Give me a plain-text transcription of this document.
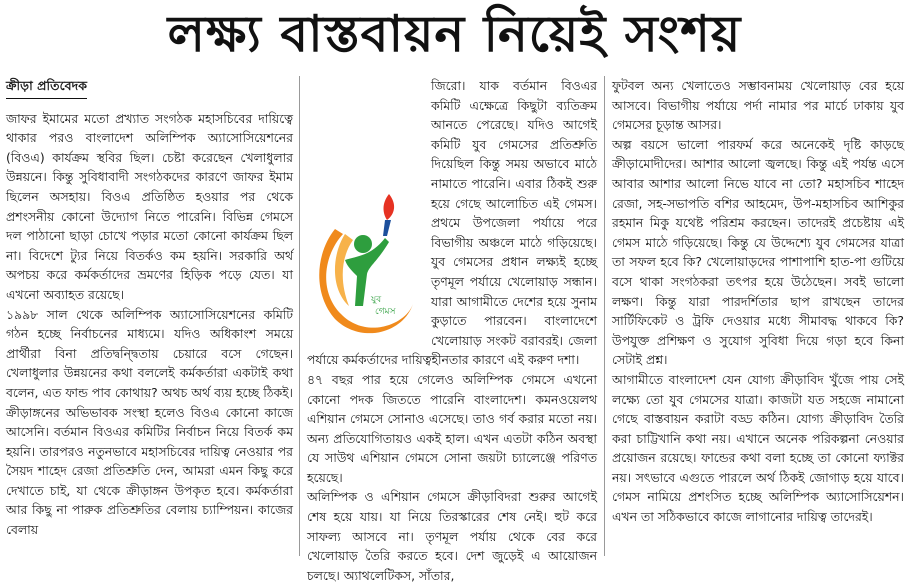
লক্ষ্য বাস্তবায়ন নিয়েই সংশয়
ক্রীড়া প্রতিবেদক

জাফর ইমামের মতো প্রখ্যাত সংগঠক মহাসচিবের দায়িত্বে থাকার পরও বাংলাদেশ অলিম্পিক অ্যাসোসিয়েশনের (বিওএ) কার্যক্রম স্থবির ছিল। চেষ্টা করেছেন খেলাধুলার উন্নয়নে। কিন্তু সুবিধাবাদী সংগঠকদের কারণে জাফর ইমাম ছিলেন অসহায়। বিওএ প্রতিষ্ঠিত হওয়ার পর থেকে প্রশংসনীয় কোনো উদ্যোগ নিতে পারেনি। বিভিন্ন গেমসে দল পাঠানো ছাড়া চোখে পড়ার মতো কোনো কার্যক্রম ছিল না। বিদেশে ট্যুর নিয়ে বিতর্কও কম হয়নি। সরকারি অর্থ অপচয় করে কর্মকর্তাদের ভ্রমণের হিড়িক পড়ে যেত। যা এখনো অব্যাহত রয়েছে।

১৯৯৮ সাল থেকে অলিম্পিক অ্যাসোসিয়েশনের কমিটি গঠন হচ্ছে নির্বাচনের মাধ্যমে। যদিও অধিকাংশ সময়ে প্রার্থীরা বিনা প্রতিদ্বন্দ্বিতায় চেয়ারে বসে গেছেন। খেলাধুলার উন্নয়নের কথা বললেই কর্মকর্তারা একটাই কথা বলেন, এত ফান্ড পাব কোথায়? অথচ অর্থ ব্যয় হচ্ছে ঠিকই। ক্রীড়াঙ্গনের অভিভাবক সংস্থা হলেও বিওএ কোনো কাজে আসেনি। বর্তমান বিওএর কমিটির নির্বাচন নিয়ে বিতর্ক কম হয়নি। তারপরও নতুনভাবে মহাসচিবের দায়িত্ব নেওয়ার পর সৈয়দ শাহেদ রেজা প্রতিশ্রুতি দেন, আমরা এমন কিছু করে দেখাতে চাই, যা থেকে ক্রীড়াঙ্গন উপকৃত হবে। কর্মকর্তারা আর কিছু না পারুক প্রতিশ্রুতির বেলায় চ্যাম্পিয়ন। কাজের বেলায়

যুব
গেমস

জিরো। যাক বর্তমান বিওএর কমিটি এক্ষেত্রে কিছুটা ব্যতিক্রম আনতে পেরেছে। যদিও আগেই কমিটি যুব গেমসের প্রতিশ্রুতি দিয়েছিল কিন্তু সময় অভাবে মাঠে নামাতে পারেনি। এবার ঠিকই শুরু হয়ে গেছে আলোচিত এই গেমস। প্রথমে উপজেলা পর্যায়ে পরে বিভাগীয় অঞ্চলে মাঠে গড়িয়েছে। যুব গেমসের প্রধান লক্ষ্যই হচ্ছে তৃণমূল পর্যায়ে খেলোয়াড় সন্ধান। যারা আগামীতে দেশের হয়ে সুনাম কুড়াতে পারবেন। বাংলাদেশে খেলোয়াড় সংকট বরাবরই। জেলা পর্যায়ে কর্মকর্তাদের দায়িত্বহীনতার কারণে এই করুণ দশা।

৪৭ বছর পার হয়ে গেলেও অলিম্পিক গেমসে এখনো কোনো পদক জিততে পারেনি বাংলাদেশ। কমনওয়েলথ এশিয়ান গেমসে সোনাও এসেছে। তাও গর্ব করার মতো নয়। অন্য প্রতিযোগিতায়ও একই হাল। এখন এতটা কঠিন অবস্থা যে সাউথ এশিয়ান গেমসে সোনা জয়টা চ্যালেঞ্জে পরিণত হয়েছে।

অলিম্পিক ও এশিয়ান গেমসে ক্রীড়াবিদরা শুরুর আগেই শেষ হয়ে যায়। যা নিয়ে তিরস্কারের শেষ নেই। হুট করে সাফল্য আসবে না। তৃণমূল পর্যায় থেকে বের করে খেলোয়াড় তৈরি করতে হবে। দেশ জুড়েই এ আয়োজন চলছে। অ্যাথলেটিকস, সাঁতার,

ফুটবল অন্য খেলাতেও সম্ভাবনাময় খেলোয়াড় বের হয়ে আসবে। বিভাগীয় পর্যায়ে পর্দা নামার পর মার্চে ঢাকায় যুব গেমসের চূড়ান্ত আসর।

অল্প বয়সে ভালো পারফর্ম করে অনেকেই দৃষ্টি কাড়ছে ক্রীড়ামোদীদের। আশার আলো জ্বলছে। কিন্তু এই পর্যন্ত এসে আবার আশার আলো নিভে যাবে না তো? মহাসচিব শাহেদ রেজা, সহ-সভাপতি বশির আহমেদ, উপ-মহাসচিব আশিকুর রহমান মিকু যথেষ্ট পরিশ্রম করছেন। তাদেরই প্রচেষ্টায় এই গেমস মাঠে গড়িয়েছে। কিন্তু যে উদ্দেশ্যে যুব গেমসের যাত্রা তা সফল হবে কি? খেলোয়াড়দের পাশাপাশি হাত-পা গুটিয়ে বসে থাকা সংগঠকরা তৎপর হয়ে উঠেছেন। সবই ভালো লক্ষণ। কিন্তু যারা পারদর্শিতার ছাপ রাখছেন তাদের সার্টিফিকেট ও ট্রফি দেওয়ার মধ্যে সীমাবদ্ধ থাকবে কি? উপযুক্ত প্রশিক্ষণ ও সুযোগ সুবিধা দিয়ে গড়া হবে কিনা সেটাই প্রশ্ন।

আগামীতে বাংলাদেশ যেন যোগ্য ক্রীড়াবিদ খুঁজে পায় সেই লক্ষ্যে তো যুব গেমসের যাত্রা। কাজটা যত সহজে নামানো গেছে বাস্তবায়ন করাটা বড্ড কঠিন। যোগ্য ক্রীড়াবিদ তৈরি করা চাট্টিখানি কথা নয়। এখানে অনেক পরিকল্পনা নেওয়ার প্রয়োজন রয়েছে। ফান্ডের কথা বলা হচ্ছে তা কোনো ফ্যাক্টর নয়। সৎভাবে এগুতে পারলে অর্থ ঠিকই জোগাড় হয়ে যাবে। গেমস নামিয়ে প্রশংসিত হচ্ছে অলিম্পিক অ্যাসোসিয়েশন। এখন তা সঠিকভাবে কাজে লাগানোর দায়িত্ব তাদেরই।
